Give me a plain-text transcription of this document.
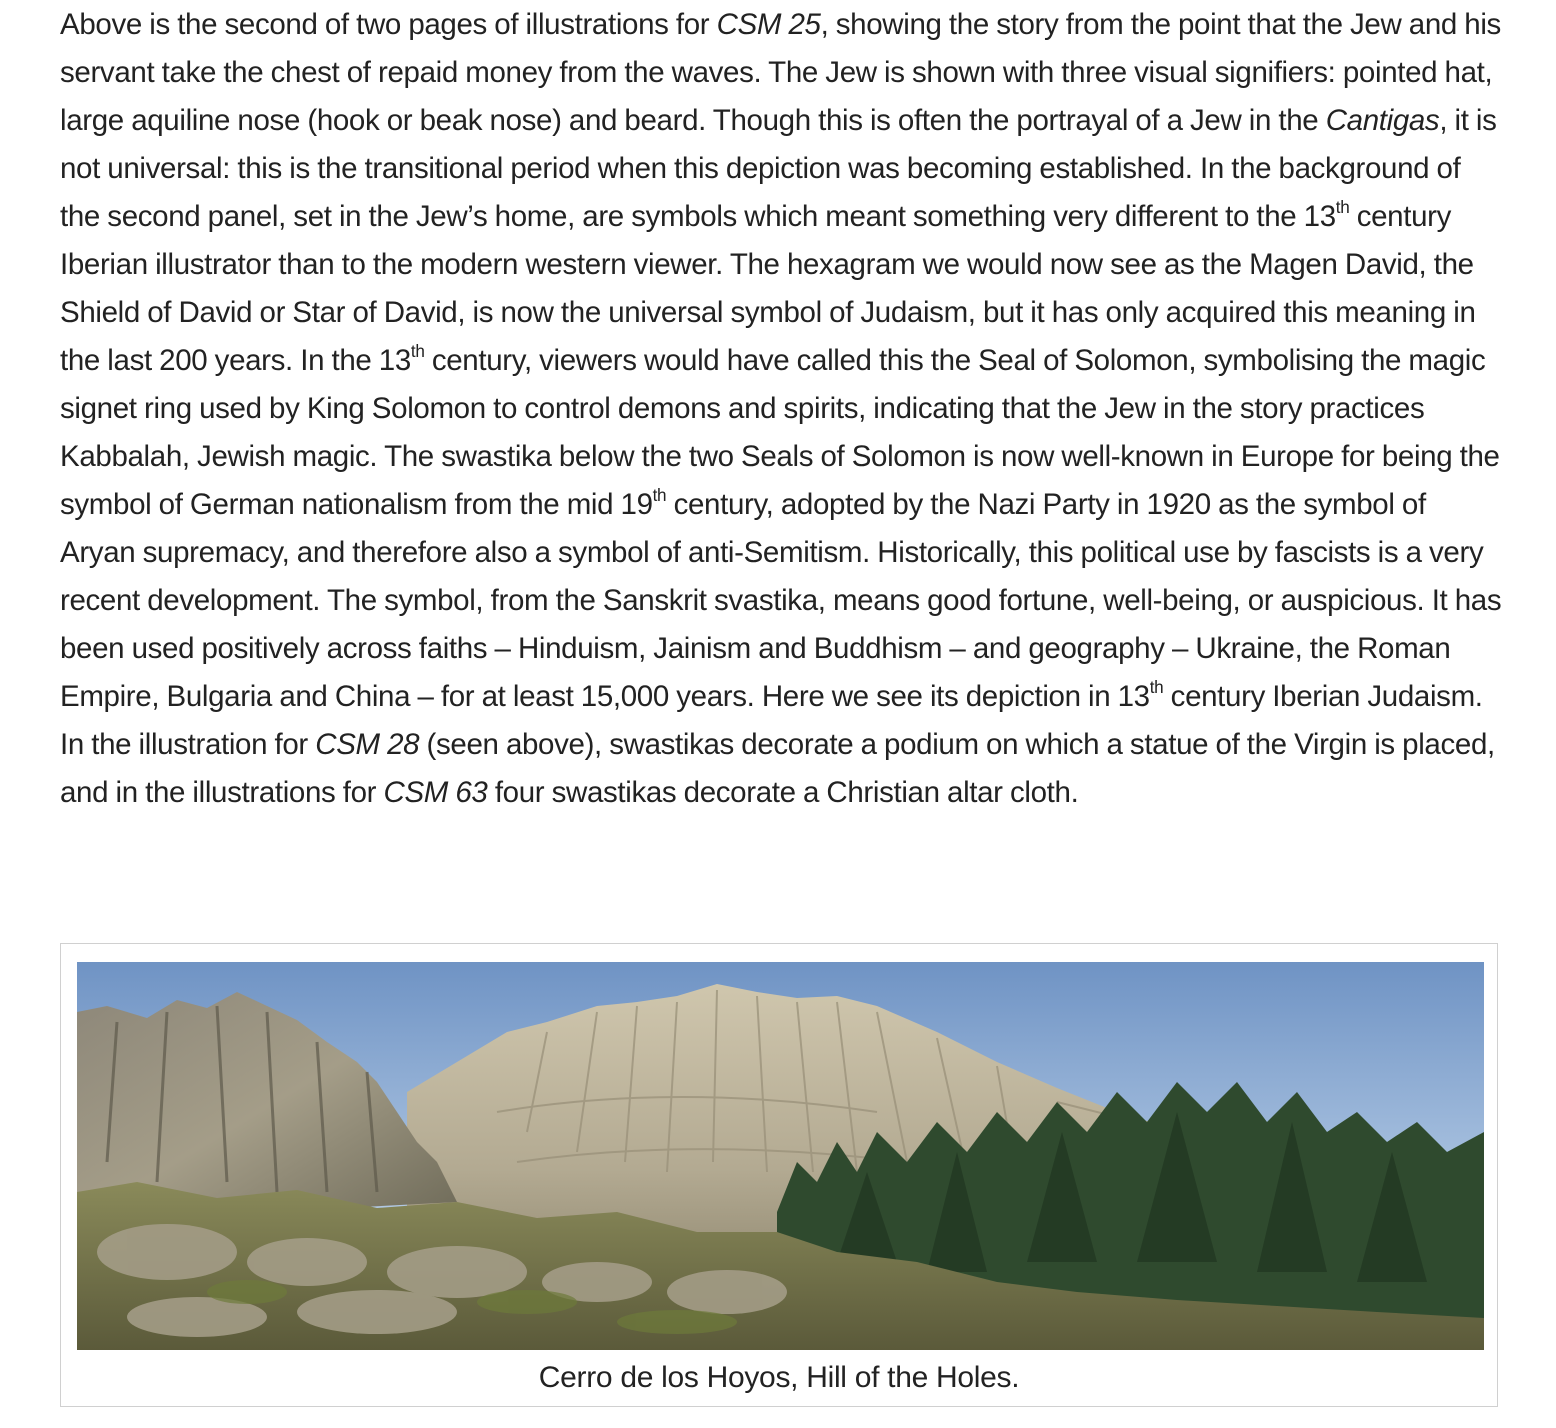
Above is the second of two pages of illustrations for CSM 25, showing the story from the point that the Jew and his servant take the chest of repaid money from the waves. The Jew is shown with three visual signifiers: pointed hat, large aquiline nose (hook or beak nose) and beard. Though this is often the portrayal of a Jew in the Cantigas, it is not universal: this is the transitional period when this depiction was becoming established. In the background of the second panel, set in the Jew’s home, are symbols which meant something very different to the 13th century Iberian illustrator than to the modern western viewer. The hexagram we would now see as the Magen David, the Shield of David or Star of David, is now the universal symbol of Judaism, but it has only acquired this meaning in the last 200 years. In the 13th century, viewers would have called this the Seal of Solomon, symbolising the magic signet ring used by King Solomon to control demons and spirits, indicating that the Jew in the story practices Kabbalah, Jewish magic. The swastika below the two Seals of Solomon is now well-known in Europe for being the symbol of German nationalism from the mid 19th century, adopted by the Nazi Party in 1920 as the symbol of Aryan supremacy, and therefore also a symbol of anti-Semitism. Historically, this political use by fascists is a very recent development. The symbol, from the Sanskrit svastika, means good fortune, well-being, or auspicious. It has been used positively across faiths – Hinduism, Jainism and Buddhism – and geography – Ukraine, the Roman Empire, Bulgaria and China – for at least 15,000 years. Here we see its depiction in 13th century Iberian Judaism. In the illustration for CSM 28 (seen above), swastikas decorate a podium on which a statue of the Virgin is placed, and in the illustrations for CSM 63 four swastikas decorate a Christian altar cloth.

Cerro de los Hoyos, Hill of the Holes.
